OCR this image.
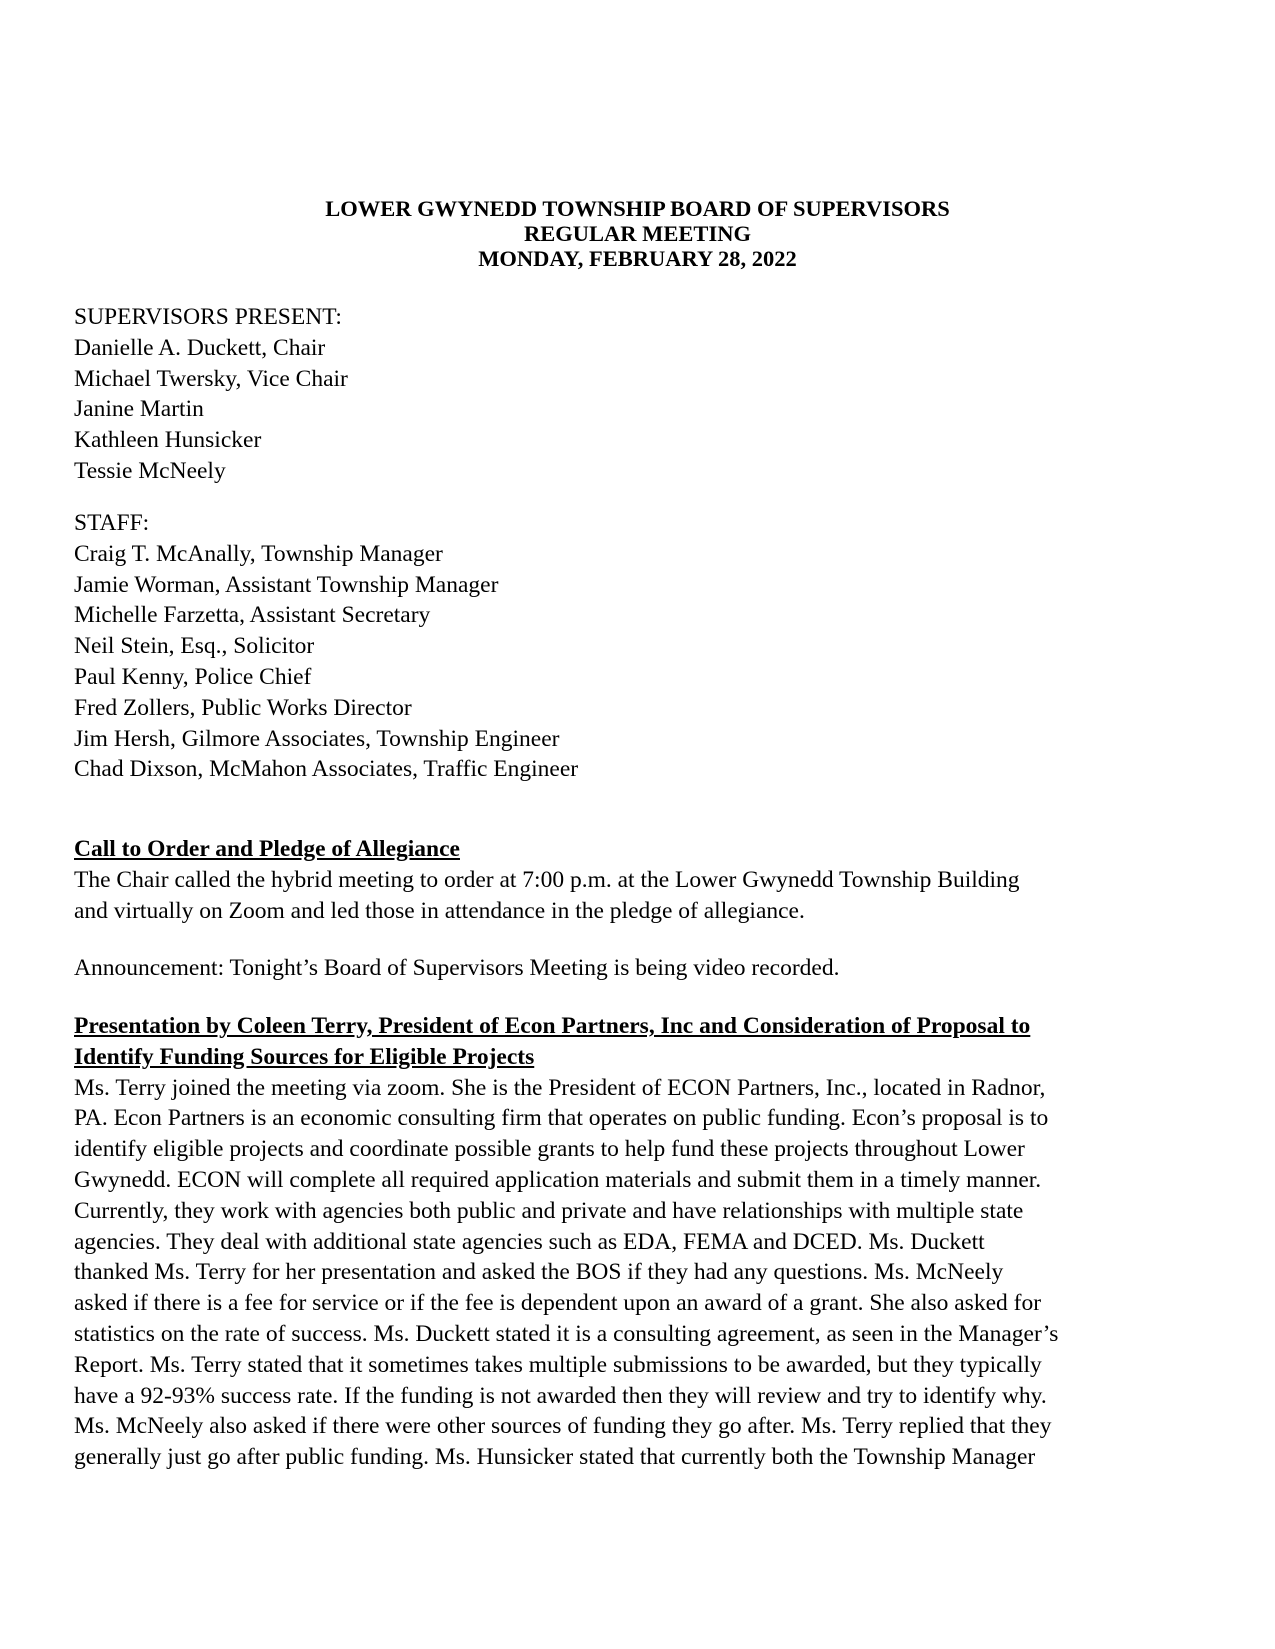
LOWER GWYNEDD TOWNSHIP BOARD OF SUPERVISORS
REGULAR MEETING
MONDAY, FEBRUARY 28, 2022
SUPERVISORS PRESENT:
Danielle A. Duckett, Chair
Michael Twersky, Vice Chair
Janine Martin
Kathleen Hunsicker
Tessie McNeely
STAFF:
Craig T. McAnally, Township Manager
Jamie Worman, Assistant Township Manager
Michelle Farzetta, Assistant Secretary
Neil Stein, Esq., Solicitor
Paul Kenny, Police Chief
Fred Zollers, Public Works Director
Jim Hersh, Gilmore Associates, Township Engineer
Chad Dixson, McMahon Associates, Traffic Engineer
Call to Order and Pledge of Allegiance
The Chair called the hybrid meeting to order at 7:00 p.m. at the Lower Gwynedd Township Building
and virtually on Zoom and led those in attendance in the pledge of allegiance.
Announcement: Tonight’s Board of Supervisors Meeting is being video recorded.
Presentation by Coleen Terry, President of Econ Partners, Inc and Consideration of Proposal to
Identify Funding Sources for Eligible Projects
Ms. Terry joined the meeting via zoom. She is the President of ECON Partners, Inc., located in Radnor,
PA. Econ Partners is an economic consulting firm that operates on public funding. Econ’s proposal is to
identify eligible projects and coordinate possible grants to help fund these projects throughout Lower
Gwynedd. ECON will complete all required application materials and submit them in a timely manner.
Currently, they work with agencies both public and private and have relationships with multiple state
agencies. They deal with additional state agencies such as EDA, FEMA and DCED. Ms. Duckett
thanked Ms. Terry for her presentation and asked the BOS if they had any questions. Ms. McNeely
asked if there is a fee for service or if the fee is dependent upon an award of a grant. She also asked for
statistics on the rate of success. Ms. Duckett stated it is a consulting agreement, as seen in the Manager’s
Report. Ms. Terry stated that it sometimes takes multiple submissions to be awarded, but they typically
have a 92-93% success rate. If the funding is not awarded then they will review and try to identify why.
Ms. McNeely also asked if there were other sources of funding they go after. Ms. Terry replied that they
generally just go after public funding. Ms. Hunsicker stated that currently both the Township Manager
